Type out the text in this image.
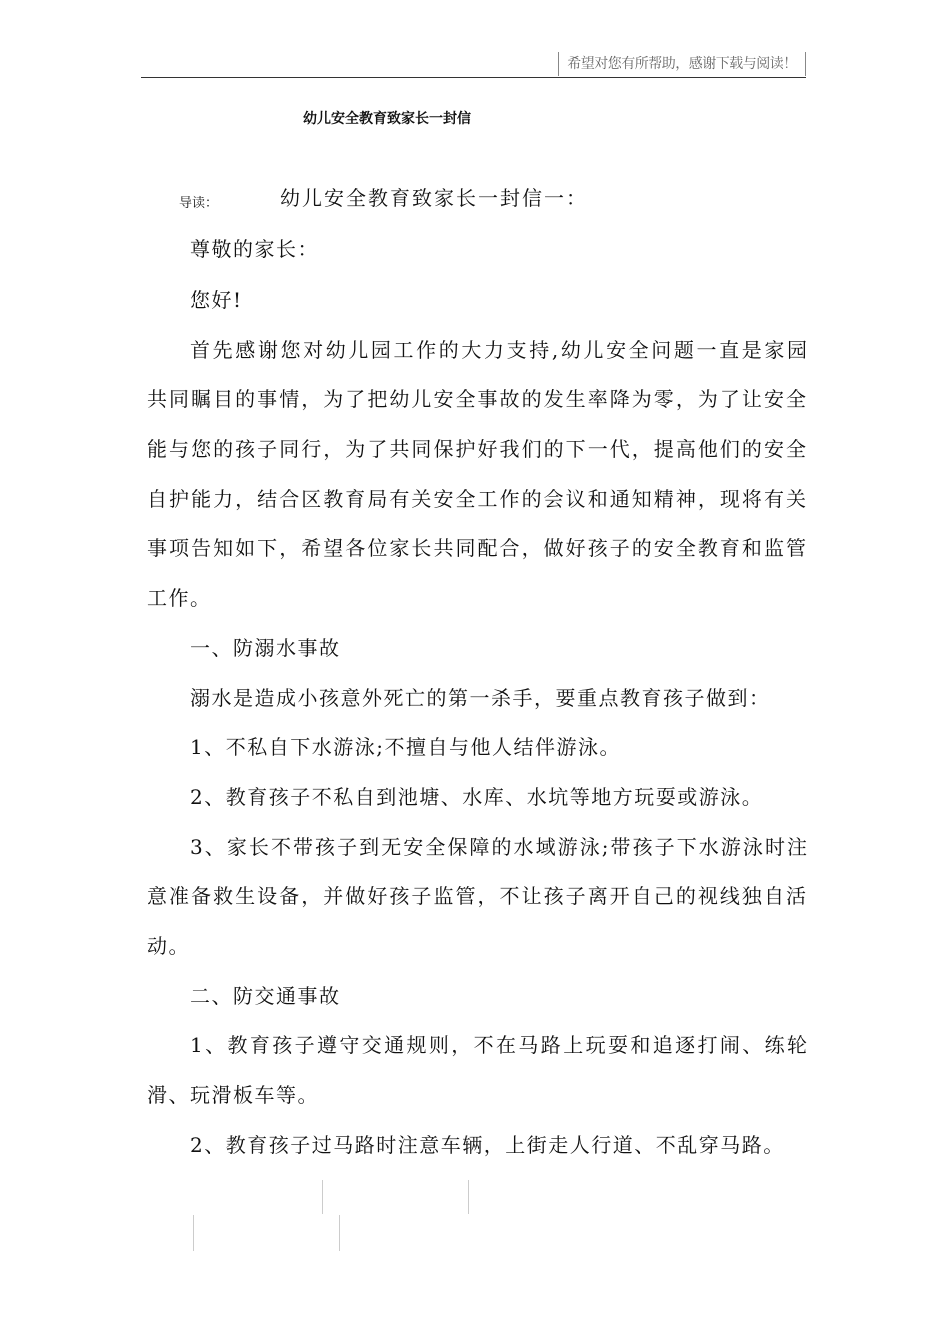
希望对您有所帮助，感谢下载与阅读！
幼儿安全教育致家长一封信
导读：	幼儿安全教育致家长一封信一：
尊敬的家长：
您好!
首先感谢您对幼儿园工作的大力支持,幼儿安全问题一直是家园
共同瞩目的事情，为了把幼儿安全事故的发生率降为零，为了让安全
能与您的孩子同行，为了共同保护好我们的下一代，提高他们的安全
自护能力，结合区教育局有关安全工作的会议和通知精神，现将有关
事项告知如下，希望各位家长共同配合，做好孩子的安全教育和监管
工作。
一、防溺水事故
溺水是造成小孩意外死亡的第一杀手，要重点教育孩子做到：
1、不私自下水游泳;不擅自与他人结伴游泳。
2、教育孩子不私自到池塘、水库、水坑等地方玩耍或游泳。
3、家长不带孩子到无安全保障的水域游泳;带孩子下水游泳时注
意准备救生设备，并做好孩子监管，不让孩子离开自己的视线独自活
动。
二、防交通事故
1、教育孩子遵守交通规则，不在马路上玩耍和追逐打闹、练轮
滑、玩滑板车等。
2、教育孩子过马路时注意车辆，上街走人行道、不乱穿马路。
